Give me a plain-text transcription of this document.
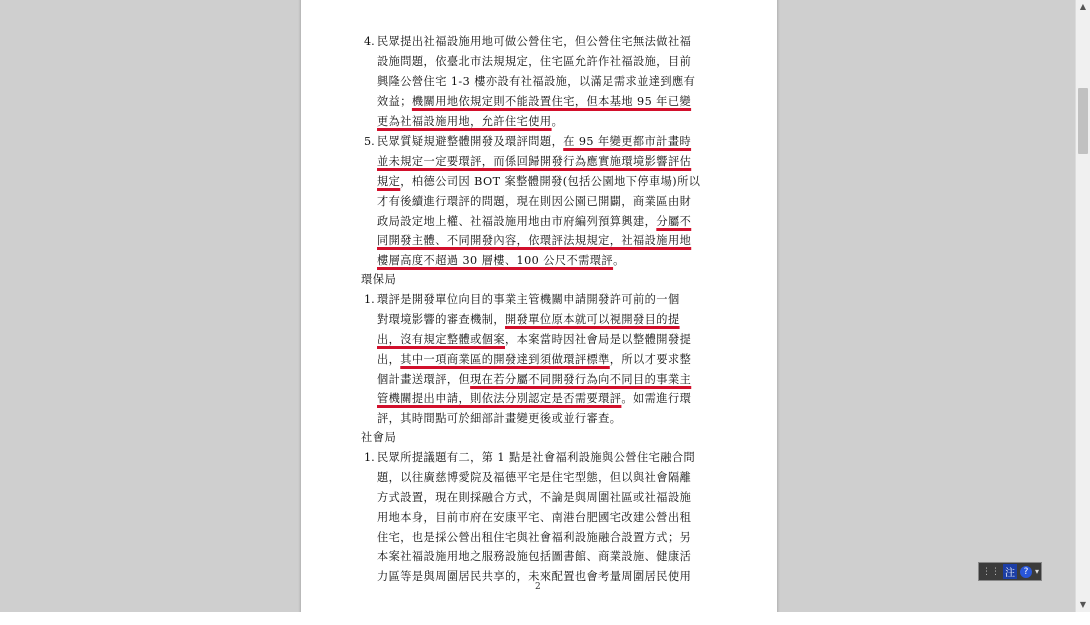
4. 民眾提出社福設施用地可做公營住宅，但公營住宅無法做社福
設施問題，依臺北市法規規定，住宅區允許作社福設施，目前
興隆公營住宅 1-3 樓亦設有社福設施，以滿足需求並達到應有
效益；機關用地依規定則不能設置住宅，但本基地 95 年已變
更為社福設施用地，允許住宅使用。
5. 民眾質疑規避整體開發及環評問題，在 95 年變更都市計畫時
並未規定一定要環評，而係回歸開發行為應實施環境影響評估
規定，柏德公司因 BOT 案整體開發(包括公園地下停車場)所以
才有後續進行環評的問題，現在則因公園已開闢，商業區由財
政局設定地上權、社福設施用地由市府編列預算興建，分屬不
同開發主體、不同開發內容，依環評法規規定，社福設施用地
樓層高度不超過 30 層樓、100 公尺不需環評。
環保局
1. 環評是開發單位向目的事業主管機關申請開發許可前的一個
對環境影響的審查機制，開發單位原本就可以視開發目的提
出，沒有規定整體或個案，本案當時因社會局是以整體開發提
出，其中一項商業區的開發達到須做環評標準，所以才要求整
個計畫送環評，但現在若分屬不同開發行為向不同目的事業主
管機關提出申請，則依法分別認定是否需要環評。如需進行環
評，其時間點可於細部計畫變更後或並行審查。
社會局
1. 民眾所提議題有二，第 1 點是社會福利設施與公營住宅融合問
題，以往廣慈博愛院及福德平宅是住宅型態，但以與社會隔離
方式設置，現在則採融合方式，不論是與周圍社區或社福設施
用地本身，目前市府在安康平宅、南港台肥國宅改建公營出租
住宅，也是採公營出租住宅與社會福利設施融合設置方式；另
本案社福設施用地之服務設施包括圖書館、商業設施、健康活
力區等是與周圍居民共享的，未來配置也會考量周圍居民使用
2
⋮⋮ 注 ? ▾
▲
▼
